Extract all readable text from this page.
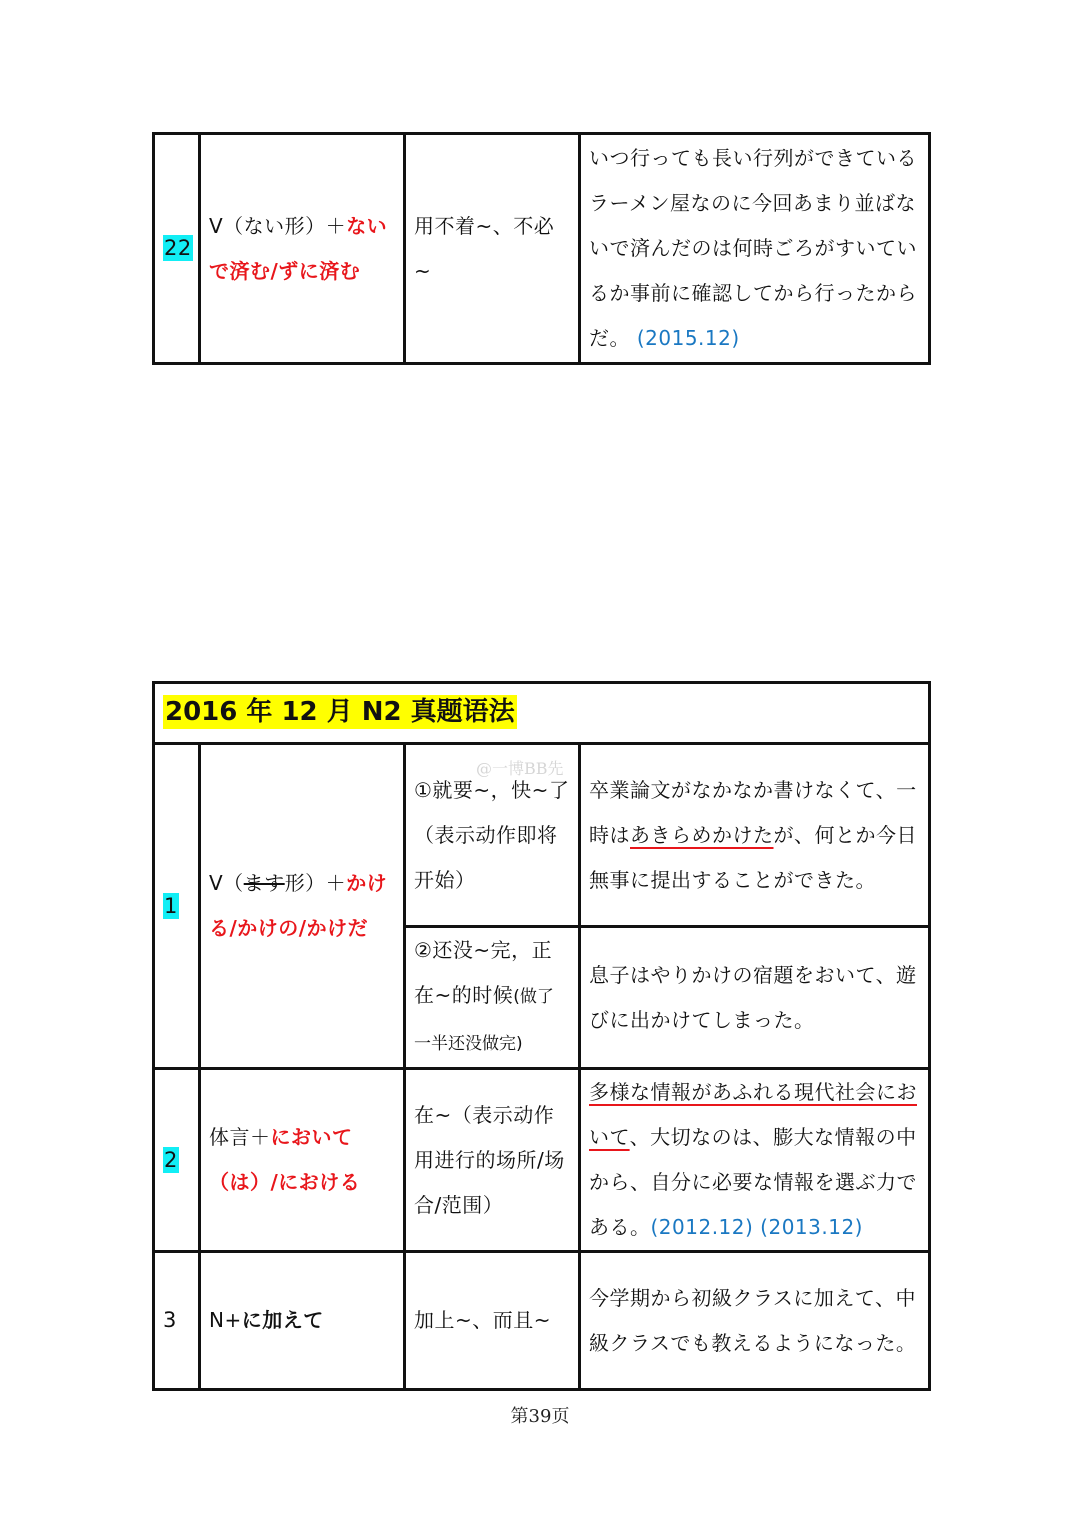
22	V（ない形）＋ないで済む/ずに済む	用不着~、不必~	いつ行っても長い行列ができているラーメン屋なのに今回あまり並ばないで済んだのは何時ごろがすいているか事前に確認してから行ったからだ。 (2015.12)
2016 年 12 月 N2 真题语法			
1	V（ます形）＋かける/かけの/かけだ	①就要~，快~了（表示动作即将开始）	卒業論文がなかなか書けなくて、一時はあきらめかけたが、何とか今日無事に提出することができた。
		②还没~完，正在~的时候(做了一半还没做完)	息子はやりかけの宿題をおいて、遊びに出かけてしまった。
2	体言＋において（は）/における	在~（表示动作用进行的场所/场合/范围）	多様な情報があふれる現代社会において、大切なのは、膨大な情報の中から、自分に必要な情報を選ぶ力である。(2012.12) (2013.12)
3	N+に加えて	加上~、而且~	今学期から初級クラスに加えて、中級クラスでも教えるようになった。
@一博BB先
第39页
